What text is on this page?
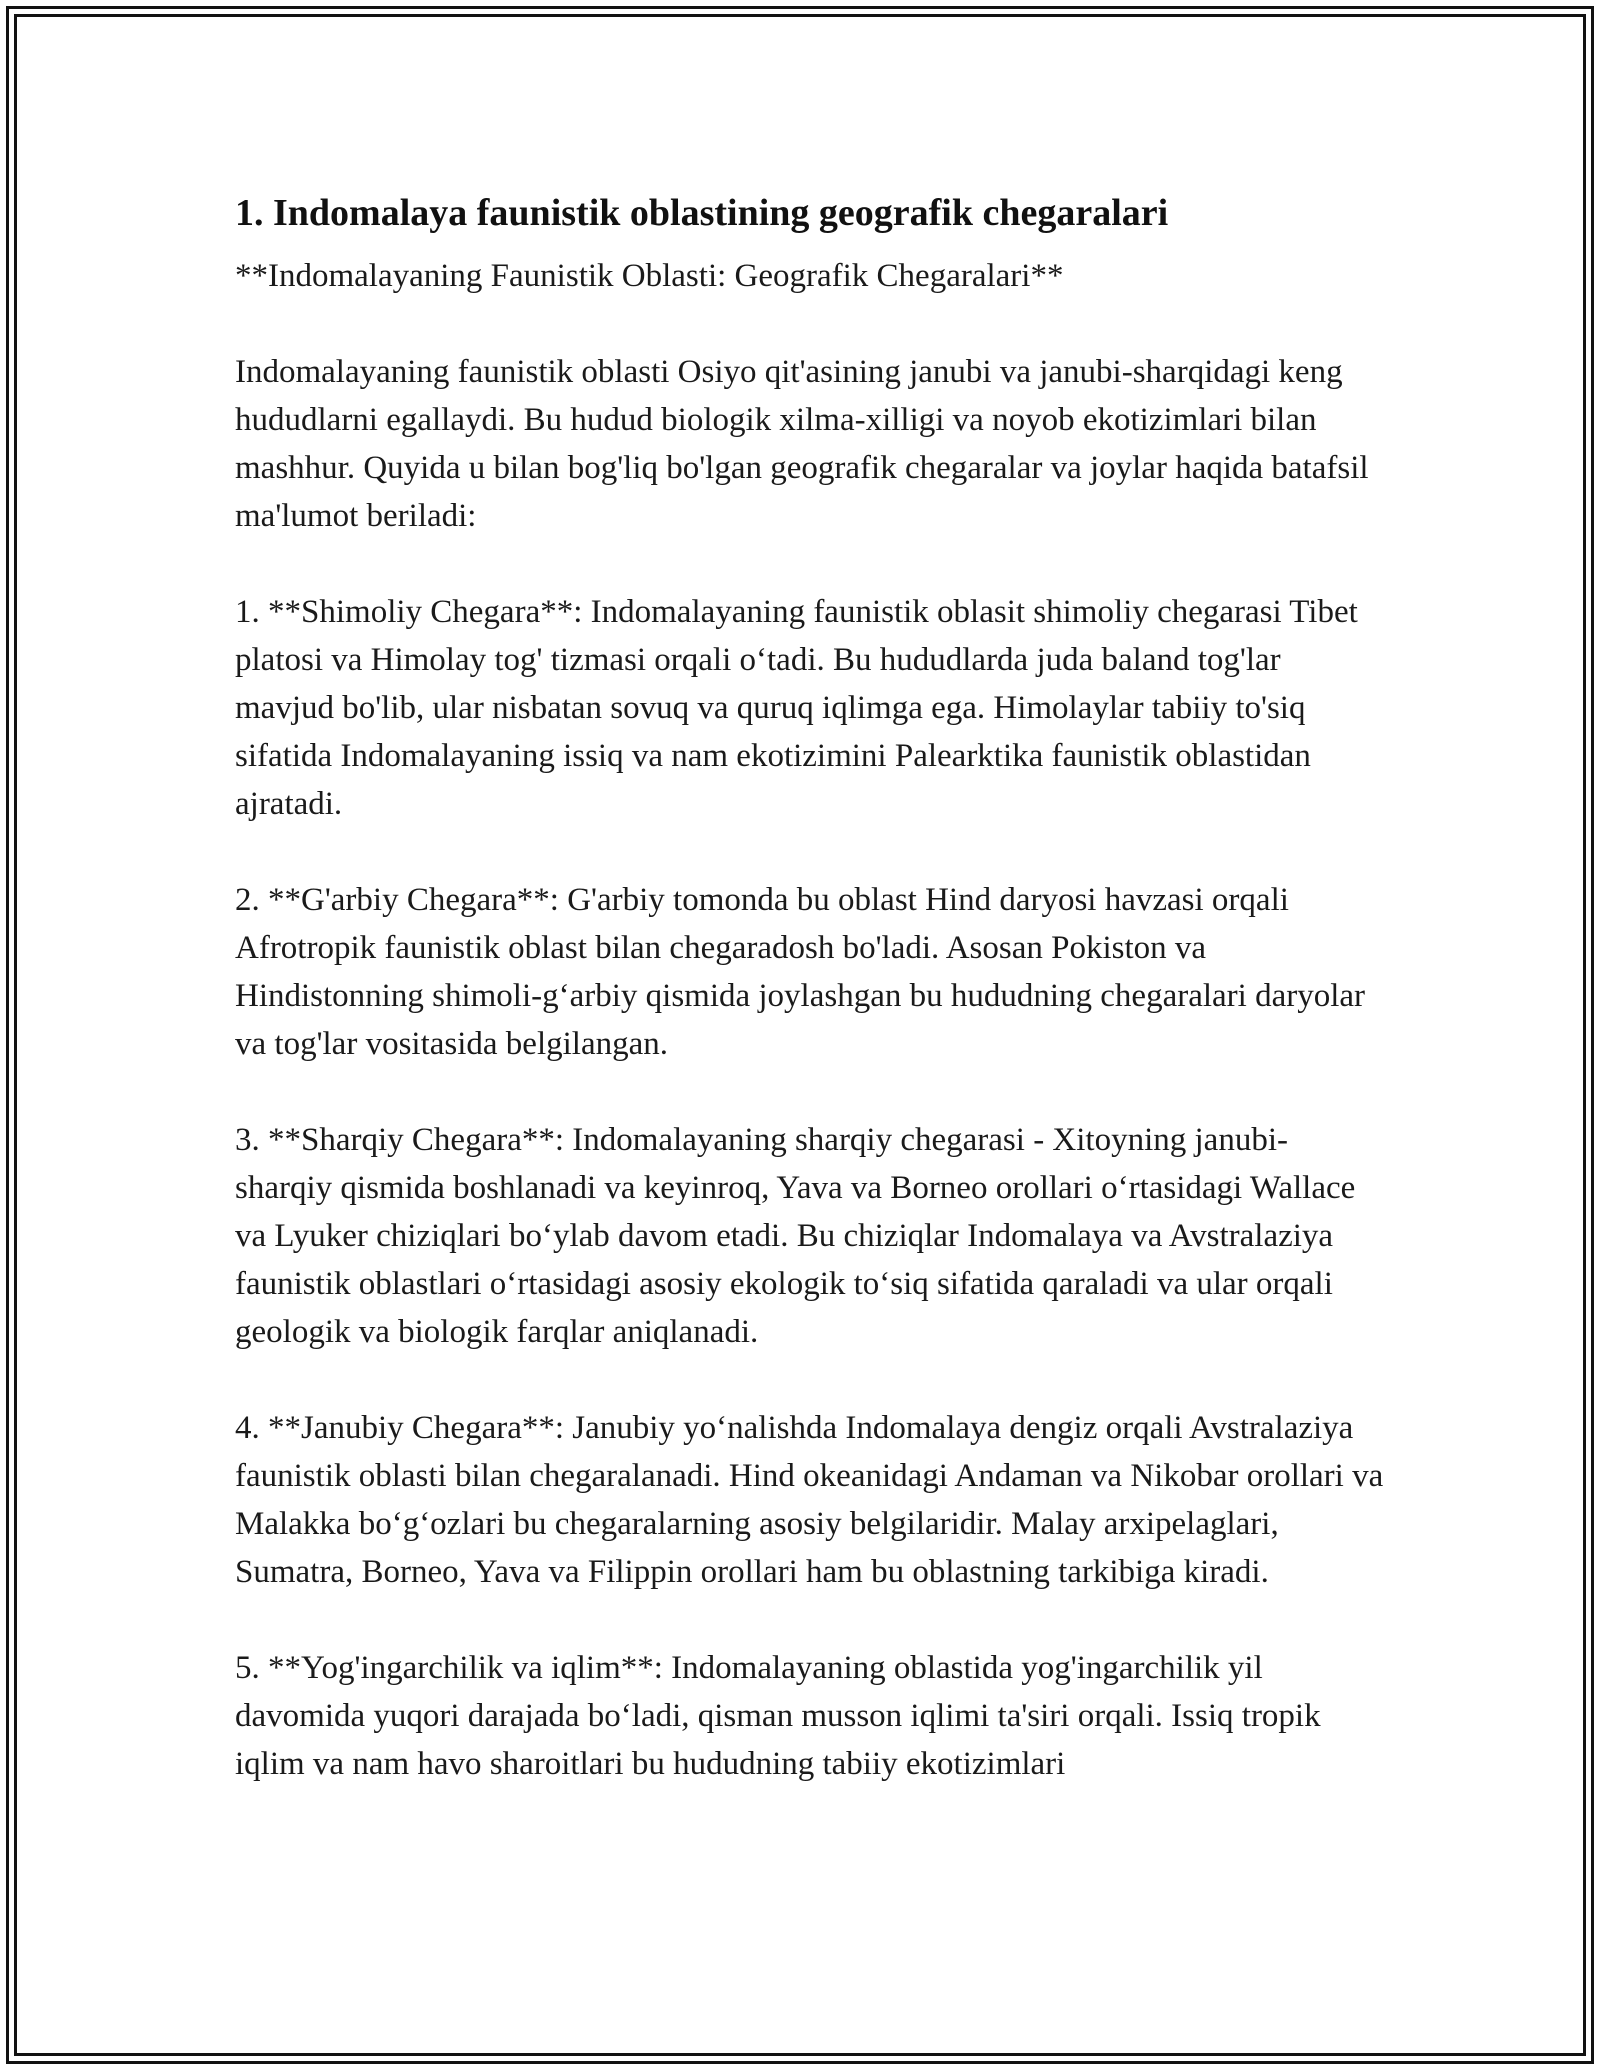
1. Indomalaya faunistik oblastining geografik chegaralari

**Indomalayaning Faunistik Oblasti: Geografik Chegaralari**

Indomalayaning faunistik oblasti Osiyo qit'asining janubi va janubi-sharqidagi keng hududlarni egallaydi. Bu hudud biologik xilma-xilligi va noyob ekotizimlari bilan mashhur. Quyida u bilan bog'liq bo'lgan geografik chegaralar va joylar haqida batafsil ma'lumot beriladi:

1. **Shimoliy Chegara**: Indomalayaning faunistik oblasit shimoliy chegarasi Tibet platosi va Himolay tog' tizmasi orqali oʻtadi. Bu hududlarda juda baland tog'lar mavjud bo'lib, ular nisbatan sovuq va quruq iqlimga ega. Himolaylar tabiiy to'siq sifatida Indomalayaning issiq va nam ekotizimini Palearktika faunistik oblastidan ajratadi.

2. **G'arbiy Chegara**: G'arbiy tomonda bu oblast Hind daryosi havzasi orqali Afrotropik faunistik oblast bilan chegaradosh bo'ladi. Asosan Pokiston va Hindistonning shimoli-gʻarbiy qismida joylashgan bu hududning chegaralari daryolar va tog'lar vositasida belgilangan.

3. **Sharqiy Chegara**: Indomalayaning sharqiy chegarasi - Xitoyning janubi-sharqiy qismida boshlanadi va keyinroq, Yava va Borneo orollari oʻrtasidagi Wallace va Lyuker chiziqlari boʻylab davom etadi. Bu chiziqlar Indomalaya va Avstralaziya faunistik oblastlari oʻrtasidagi asosiy ekologik toʻsiq sifatida qaraladi va ular orqali geologik va biologik farqlar aniqlanadi.

4. **Janubiy Chegara**: Janubiy yoʻnalishda Indomalaya dengiz orqali Avstralaziya faunistik oblasti bilan chegaralanadi. Hind okeanidagi Andaman va Nikobar orollari va Malakka boʻgʻozlari bu chegaralarning asosiy belgilaridir. Malay arxipelaglari, Sumatra, Borneo, Yava va Filippin orollari ham bu oblastning tarkibiga kiradi.

5. **Yog'ingarchilik va iqlim**: Indomalayaning oblastida yog'ingarchilik yil davomida yuqori darajada boʻladi, qisman musson iqlimi ta'siri orqali. Issiq tropik iqlim va nam havo sharoitlari bu hududning tabiiy ekotizimlari
